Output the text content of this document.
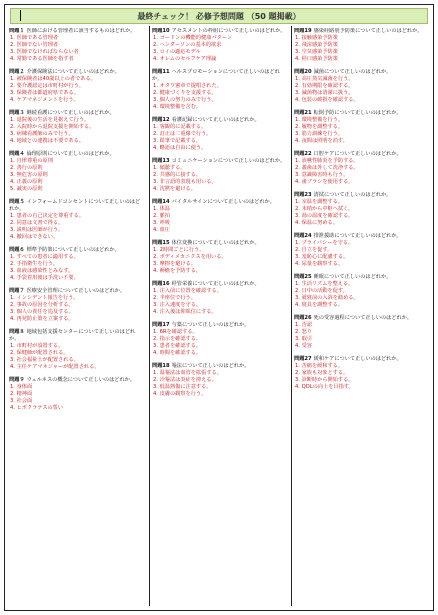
最終チェック！ 必修予想問題 （50 題掲載）

問題１ 医師における管理者に該当するものはどれか。

1. 医師である管理者
2. 医師でない管理者
3. 医師でなければならない者
4. 常勤である医師を指す者

問題２ 介護保険法について正しいのはどれか。

1. 被保険者は40歳以上の者である。
2. 要介護認定は市町村が行う。
3. 保険者は都道府県である。
4. ケアマネジメントを行う。

問題３ 継続看護について正しいのはどれか。

1. 退院後の生活を見据えて行う。
2. 入院時から退院支援を開始する。
3. 病棟看護師のみで行う。
4. 地域との連携は不要である。

問題４ 倫理原則について正しいのはどれか。

1. 自律尊重の原則
2. 善行の原則
3. 無危害の原則
4. 正義の原則
5. 誠実の原則

問題５ インフォームドコンセントについて正しいのはどれか。

1. 患者の自己決定を尊重する。
2. 同意は文書で得る。
3. 説明は医師が行う。
4. 撤回はできない。

問題６ 標準予防策について正しいのはどれか。

1. すべての患者に適用する。
2. 手指衛生を行う。
3. 血液は感染性とみなす。
4. 手袋着用後は手洗い不要。

問題７ 医療安全管理について正しいのはどれか。

1. インシデント報告を行う。
2. 事故の原因を分析する。
3. 個人の責任を追及する。
4. 再発防止策を立案する。

問題８ 地域包括支援センターについて正しいのはどれか。

1. 市町村が設置する。
2. 保健師が配置される。
3. 社会福祉士が配置される。
4. 主任ケアマネジャーが配置される。

問題９ ウェルネスの概念について正しいのはどれか。

1. 身体面
2. 精神面
3. 社会面
4. ヒポクラテスの誓い

問題10 アセスメントの枠組について正しいのはどれか。

1. ゴードンの機能的健康パターン
2. ヘンダーソンの基本的欲求
3. ロイの適応モデル
4. オレムのセルフケア理論

問題11 ヘルスプロモーションについて正しいのはどれか。

1. オタワ憲章で提唱された。
2. 健康づくりを支援する。
3. 個人の努力のみで行う。
4. 環境整備を含む。

問題12 看護記録について正しいのはどれか。

1. 客観的に記載する。
2. 訂正は二重線で行う。
3. 鉛筆で記載する。
4. 略語は自由に使う。

問題13 コミュニケーションについて正しいのはどれか。

1. 傾聴する。
2. 共感的に接する。
3. 非言語的表現も用いる。
4. 沈黙を避ける。

問題14 バイタルサインについて正しいのはどれか。

1. 体温
2. 脈拍
3. 呼吸
4. 血圧

問題15 体位変換について正しいのはどれか。

1. 2時間ごとに行う。
2. ボディメカニクスを用いる。
3. 摩擦を避ける。
4. 褥瘡を予防する。

問題16 経管栄養について正しいのはどれか。

1. 注入前に位置を確認する。
2. 半座位で行う。
3. 注入速度を守る。
4. 注入後は仰臥位にする。

問題17 与薬について正しいのはどれか。

1. 6Rを確認する。
2. 指示を確認する。
3. 患者を確認する。
4. 時間を確認する。

問題18 罨法について正しいのはどれか。

1. 温罨法は血管を拡張する。
2. 冷罨法は炎症を抑える。
3. 低温熱傷に注意する。
4. 皮膚の観察を行う。

問題19 感染経路別予防策について正しいのはどれか。

1. 接触感染予防策
2. 飛沫感染予防策
3. 空気感染予防策
4. 経口感染予防策

問題20 滅菌について正しいのはどれか。

1. 高圧蒸気滅菌を行う。
2. 有効期限を確認する。
3. 滅菌物は清潔に扱う。
4. 包装の破損を確認する。

問題21 転倒予防について正しいのはどれか。

1. 環境整備を行う。
2. 履物を調整する。
3. 筋力訓練を行う。
4. 夜間は照明を消す。

問題22 口腔ケアについて正しいのはどれか。

1. 誤嚥性肺炎を予防する。
2. 義歯は外して洗浄する。
3. 意識障害時も行う。
4. 歯ブラシを使用する。

問題23 清拭について正しいのはどれか。

1. 室温を調整する。
2. 末梢から中枢へ拭く。
3. 湯の温度を確認する。
4. 保温に努める。

問題24 排泄援助について正しいのはどれか。

1. プライバシーを守る。
2. 自立を促す。
3. 羞恥心に配慮する。
4. 尿量を観察する。

問題25 睡眠について正しいのはどれか。

1. 生活リズムを整える。
2. 日中の活動を促す。
3. 就寝前の入浴を勧める。
4. 寝具を調整する。

問題26 死の受容過程について正しいのはどれか。

1. 否認
2. 怒り
3. 取引
4. 受容

問題27 緩和ケアについて正しいのはどれか。

1. 苦痛を緩和する。
2. 家族も対象とする。
3. 診断時から開始する。
4. QOLの向上を目指す。
